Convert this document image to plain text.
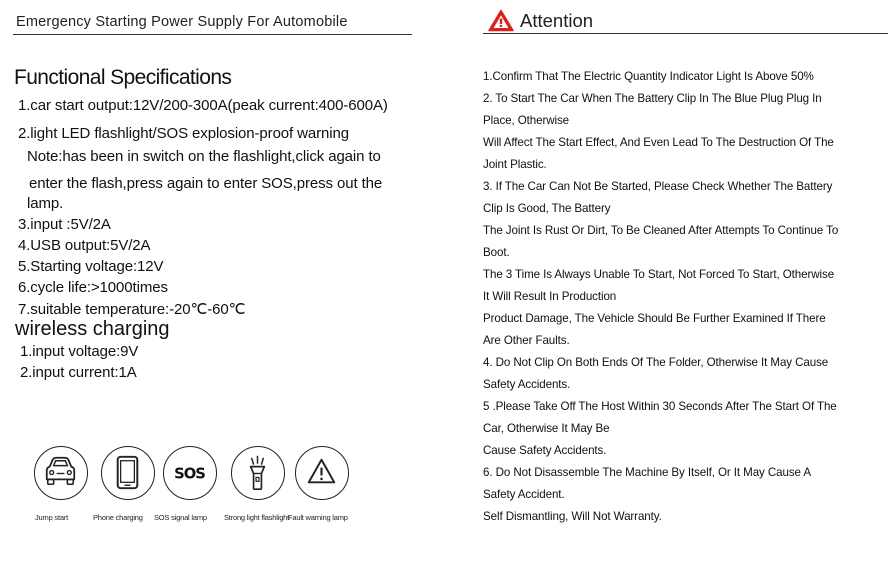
Emergency Starting Power Supply For Automobile
Functional Specifications
1.car start output:12V/200-300A(peak current:400-600A)
2.light LED flashlight/SOS explosion-proof warning
Note:has been in switch on the flashlight,click again to
enter the flash,press again to enter SOS,press out the
lamp.
3.input :5V/2A
4.USB output:5V/2A
5.Starting voltage:12V
6.cycle life:>1000times
7.suitable temperature:-20℃-60℃
wireless charging
1.input voltage:9V
2.input current:1A
SOS
Jump start	Phone charging SOS signal lamp Strong light flashlight
Fault warning lamp
Attention
1.Confirm That The Electric Quantity Indicator Light Is Above 50%
2. To Start The Car When The Battery Clip In The Blue Plug Plug In
Place, Otherwise
Will Affect The Start Effect, And Even Lead To The Destruction Of The
Joint Plastic.
3. If The Car Can Not Be Started, Please Check Whether The Battery
Clip Is Good, The Battery
The Joint Is Rust Or Dirt, To Be Cleaned After Attempts To Continue To
Boot.
The 3 Time Is Always Unable To Start, Not Forced To Start, Otherwise
It Will Result In Production
Product Damage, The Vehicle Should Be Further Examined If There
Are Other Faults.
4. Do Not Clip On Both Ends Of The Folder, Otherwise It May Cause
Safety Accidents.
5 .Please Take Off The Host Within 30 Seconds After The Start Of The
Car, Otherwise It May Be
Cause Safety Accidents.
6. Do Not Disassemble The Machine By Itself, Or It May Cause A
Safety Accident.
Self Dismantling, Will Not Warranty.
